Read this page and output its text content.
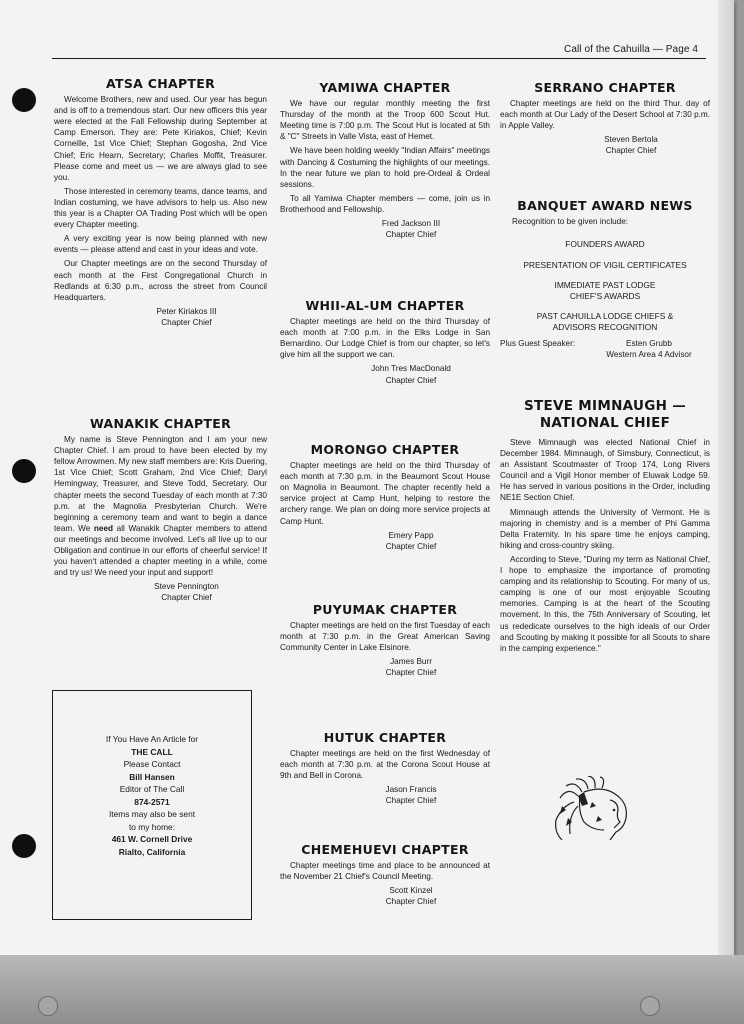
Call of the Cahuilla — Page 4
ATSA CHAPTER

Welcome Brothers, new and used. Our year has begun and is off to a tremendous start. Our new officers this year were elected at the Fall Fellowship during September at Camp Emerson. They are: Pete Kiriakos, Chief; Kevin Corneille, 1st Vice Chief; Stephan Gogosha, 2nd Vice Chief; Eric Hearn, Secretary; Charles Moffit, Treasurer. Please come and meet us — we are always glad to see you.

Those interested in ceremony teams, dance teams, and Indian costuming, we have advisors to help us. Also new this year is a Chapter OA Trading Post which will be open every Chapter meeting.

A very exciting year is now being planned with new events — please attend and cast in your ideas and vote.

Our Chapter meetings are on the second Thursday of each month at the First Congregational Church in Redlands at 6:30 p.m., across the street from Council Headquarters.

Peter Kiriakos III
Chapter Chief
WANAKIK CHAPTER

My name is Steve Pennington and I am your new Chapter Chief. I am proud to have been elected by my fellow Arrowmen. My new staff members are: Kris Duering, 1st Vice Chief; Scott Graham, 2nd Vice Chief; Daryl Hemingway, Treasurer, and Steve Todd, Secretary. Our chapter meets the second Tuesday of each month at 7:30 p.m. at the Magnolia Presbyterian Church. We're beginning a ceremony team and want to begin a dance team. We need all Wanakik Chapter members to attend our meetings and become involved. Let's all live up to our Obligation and continue in our efforts of cheerful service! If you haven't attended a chapter meeting in a while, come and try us! We need your input and support!

Steve Pennington
Chapter Chief
If You Have An Article for
THE CALL
Please Contact
Bill Hansen
Editor of The Call
874-2571
Items may also be sent
to my home:
461 W. Cornell Drive
Rialto, California
YAMIWA CHAPTER

We have our regular monthly meeting the first Thursday of the month at the Troop 600 Scout Hut. Meeting time is 7:00 p.m. The Scout Hut is located at 5th & "C" Streets in Valle Vista, east of Hemet.

We have been holding weekly "Indian Affairs" meetings with Dancing & Costuming the highlights of our meetings. In the near future we plan to hold pre-Ordeal & Ordeal sessions.

To all Yamiwa Chapter members — come, join us in Brotherhood and Fellowship.

Fred Jackson III
Chapter Chief
WHII-AL-UM CHAPTER

Chapter meetings are held on the third Thursday of each month at 7:00 p.m. in the Elks Lodge in San Bernardino. Our Lodge Chief is from our chapter, so let's give him all the support we can.

John Tres MacDonald
Chapter Chief
MORONGO CHAPTER

Chapter meetings are held on the third Thursday of each month at 7:30 p.m. in the Beaumont Scout House on Magnolia in Beaumont. The chapter recently held a service project at Camp Hunt, helping to restore the archery range. We plan on doing more service projects at Camp Hunt.

Emery Papp
Chapter Chief
PUYUMAK CHAPTER

Chapter meetings are held on the first Tuesday of each month at 7:30 p.m. in the Great American Saving Community Center in Lake Elsinore.

James Burr
Chapter Chief
HUTUK CHAPTER

Chapter meetings are held on the first Wednesday of each month at 7:30 p.m. at the Corona Scout House at 9th and Bell in Corona.

Jason Francis
Chapter Chief
CHEMEHUEVI CHAPTER

Chapter meetings time and place to be announced at the November 21 Chief's Council Meeting.

Scott Kinzel
Chapter Chief
SERRANO CHAPTER

Chapter meetings are held on the third Thur. day of each month at Our Lady of the Desert School at 7:30 p.m. in Apple Valley.

Steven Bertola
Chapter Chief
BANQUET AWARD NEWS
Recognition to be given include:
FOUNDERS AWARD
PRESENTATION OF VIGIL CERTIFICATES
IMMEDIATE PAST LODGE
CHIEF'S AWARDS
PAST CAHUILLA LODGE CHIEFS &
ADVISORS RECOGNITION
Plus Guest Speaker:	Esten Grubb
Western Area 4 Advisor
STEVE MIMNAUGH —
NATIONAL CHIEF

Steve Mimnaugh was elected National Chief in December 1984. Mimnaugh, of Simsbury, Connecticut, is an Assistant Scoutmaster of Troop 174, Long Rivers Council and a Vigil Honor member of Eluwak Lodge 59. He has served in various positions in the Order, including NE1E Section Chief.

Mimnaugh attends the University of Vermont. He is majoring in chemistry and is a member of Phi Gamma Delta Fraternity. In his spare time he enjoys camping, hiking and cross-country skiing.

According to Steve, "During my term as National Chief, I hope to emphasize the importance of promoting camping and its relationship to Scouting. For many of us, camping is one of our most enjoyable Scouting memories. Camping is at the heart of the Scouting movement. In this, the 75th Anniversary of Scouting, let us rededicate ourselves to the high ideals of our Order and Scouting by making it possible for all Scouts to share in the camping experience."
